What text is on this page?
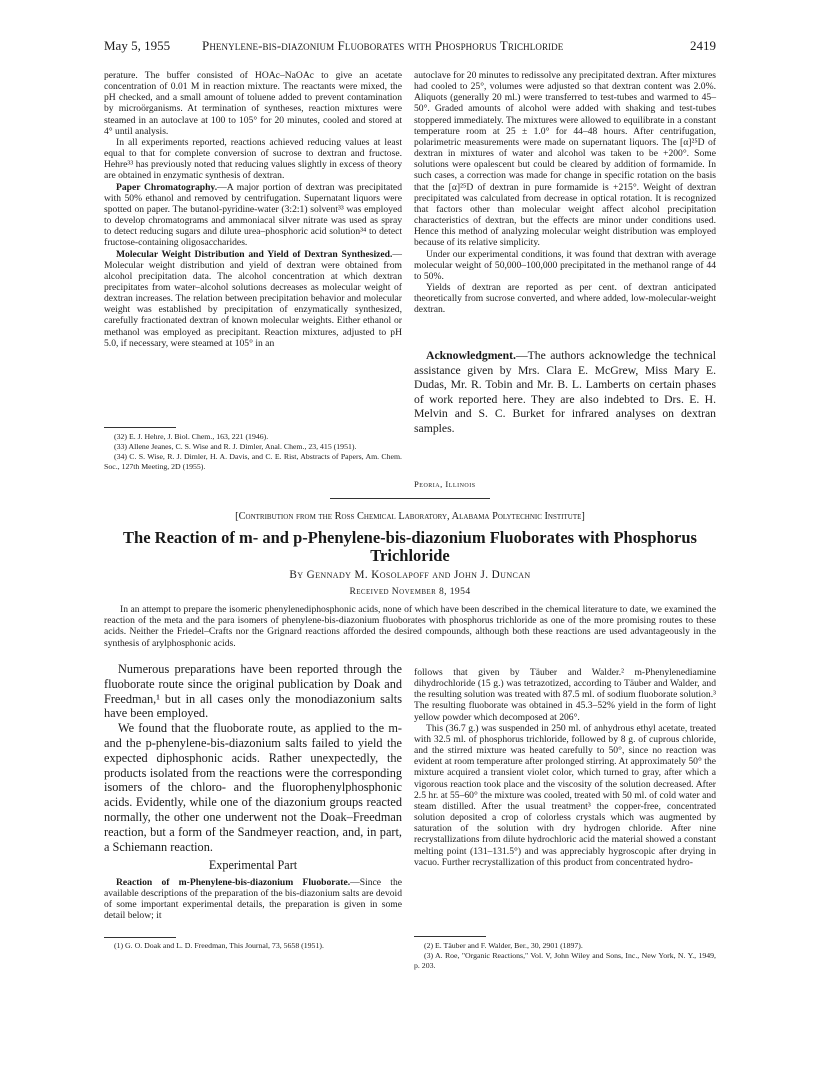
May 5, 1955 Phenylene-bis-diazonium Fluoborates with Phosphorus Trichloride	2419

perature. The buffer consisted of HOAc–NaOAc to give an acetate concentration of 0.01 M in reaction mixture. The reactants were mixed, the pH checked, and a small amount of toluene added to prevent contamination by microörganisms. At termination of syntheses, reaction mixtures were steamed in an autoclave at 100 to 105° for 20 minutes, cooled and stored at 4° until analysis.

In all experiments reported, reactions achieved reducing values at least equal to that for complete conversion of sucrose to dextran and fructose. Hehre³³ has previously noted that reducing values slightly in excess of theory are obtained in enzymatic synthesis of dextran.

Paper Chromatography.—A major portion of dextran was precipitated with 50% ethanol and removed by centrifugation. Supernatant liquors were spotted on paper. The butanol-pyridine-water (3:2:1) solvent³³ was employed to develop chromatograms and ammoniacal silver nitrate was used as spray to detect reducing sugars and dilute urea–phosphoric acid solution³⁴ to detect fructose-containing oligosaccharides.

Molecular Weight Distribution and Yield of Dextran Synthesized.—Molecular weight distribution and yield of dextran were obtained from alcohol precipitation data. The alcohol concentration at which dextran precipitates from water–alcohol solutions decreases as molecular weight of dextran increases. The relation between precipitation behavior and molecular weight was established by precipitation of enzymatically synthesized, carefully fractionated dextran of known molecular weights. Either ethanol or methanol was employed as precipitant. Reaction mixtures, adjusted to pH 5.0, if necessary, were steamed at 105° in an

(32) E. J. Hehre, J. Biol. Chem., 163, 221 (1946).

(33) Allene Jeanes, C. S. Wise and R. J. Dimler, Anal. Chem., 23, 415 (1951).

(34) C. S. Wise, R. J. Dimler, H. A. Davis, and C. E. Rist, Abstracts of Papers, Am. Chem. Soc., 127th Meeting, 2D (1955).

autoclave for 20 minutes to redissolve any precipitated dextran. After mixtures had cooled to 25°, volumes were adjusted so that dextran content was 2.0%. Aliquots (generally 20 ml.) were transferred to test-tubes and warmed to 45–50°. Graded amounts of alcohol were added with shaking and test-tubes stoppered immediately. The mixtures were allowed to equilibrate in a constant temperature room at 25 ± 1.0° for 44–48 hours. After centrifugation, polarimetric measurements were made on supernatant liquors. The [α]²⁵D of dextran in mixtures of water and alcohol was taken to be +200°. Some solutions were opalescent but could be cleared by addition of formamide. In such cases, a correction was made for change in specific rotation on the basis that the [α]²⁵D of dextran in pure formamide is +215°. Weight of dextran precipitated was calculated from decrease in optical rotation. It is recognized that factors other than molecular weight affect alcohol precipitation characteristics of dextran, but the effects are minor under conditions used. Hence this method of analyzing molecular weight distribution was employed because of its relative simplicity.

Under our experimental conditions, it was found that dextran with average molecular weight of 50,000–100,000 precipitated in the methanol range of 44 to 50%.

Yields of dextran are reported as per cent. of dextran anticipated theoretically from sucrose converted, and where added, low-molecular-weight dextran.

Acknowledgment.—The authors acknowledge the technical assistance given by Mrs. Clara E. McGrew, Miss Mary E. Dudas, Mr. R. Tobin and Mr. B. L. Lamberts on certain phases of work reported here. They are also indebted to Drs. E. H. Melvin and S. C. Burket for infrared analyses on dextran samples.

Peoria, Illinois
[Contribution from the Ross Chemical Laboratory, Alabama Polytechnic Institute]
The Reaction of m- and p-Phenylene-bis-diazonium Fluoborates with Phosphorus Trichloride
By Gennady M. Kosolapoff and John J. Duncan
Received November 8, 1954

In an attempt to prepare the isomeric phenylenediphosphonic acids, none of which have been described in the chemical literature to date, we examined the reaction of the meta and the para isomers of phenylene-bis-diazonium fluoborates with phosphorus trichloride as one of the more promising routes to these acids. Neither the Friedel–Crafts nor the Grignard reactions afforded the desired compounds, although both these reactions are used advantageously in the synthesis of arylphosphonic acids.

Numerous preparations have been reported through the fluoborate route since the original publication by Doak and Freedman,¹ but in all cases only the monodiazonium salts have been employed.

We found that the fluoborate route, as applied to the m- and the p-phenylene-bis-diazonium salts failed to yield the expected diphosphonic acids. Rather unexpectedly, the products isolated from the reactions were the corresponding isomers of the chloro- and the fluorophenylphosphonic acids. Evidently, while one of the diazonium groups reacted normally, the other one underwent not the Doak–Freedman reaction, but a form of the Sandmeyer reaction, and, in part, a Schiemann reaction.

Experimental Part

Reaction of m-Phenylene-bis-diazonium Fluoborate.—Since the available descriptions of the preparation of the bis-diazonium salts are devoid of some important experimental details, the preparation is given in some detail below; it

(1) G. O. Doak and L. D. Freedman, This Journal, 73, 5658 (1951).

follows that given by Täuber and Walder.² m-Phenylenediamine dihydrochloride (15 g.) was tetrazotized, according to Täuber and Walder, and the resulting solution was treated with 87.5 ml. of sodium fluoborate solution.³ The resulting fluoborate was obtained in 45.3–52% yield in the form of light yellow powder which decomposed at 206°.

This (36.7 g.) was suspended in 250 ml. of anhydrous ethyl acetate, treated with 32.5 ml. of phosphorus trichloride, followed by 8 g. of cuprous chloride, and the stirred mixture was heated carefully to 50°, since no reaction was evident at room temperature after prolonged stirring. At approximately 50° the mixture acquired a transient violet color, which turned to gray, after which a vigorous reaction took place and the viscosity of the solution decreased. After 2.5 hr. at 55–60° the mixture was cooled, treated with 50 ml. of cold water and steam distilled. After the usual treatment³ the copper-free, concentrated solution deposited a crop of colorless crystals which was augmented by saturation of the solution with dry hydrogen chloride. After nine recrystallizations from dilute hydrochloric acid the material showed a constant melting point (131–131.5°) and was appreciably hygroscopic after drying in vacuo. Further recrystallization of this product from concentrated hydro-

(2) E. Täuber and F. Walder, Ber., 30, 2901 (1897).

(3) A. Roe, "Organic Reactions," Vol. V, John Wiley and Sons, Inc., New York, N. Y., 1949, p. 203.
